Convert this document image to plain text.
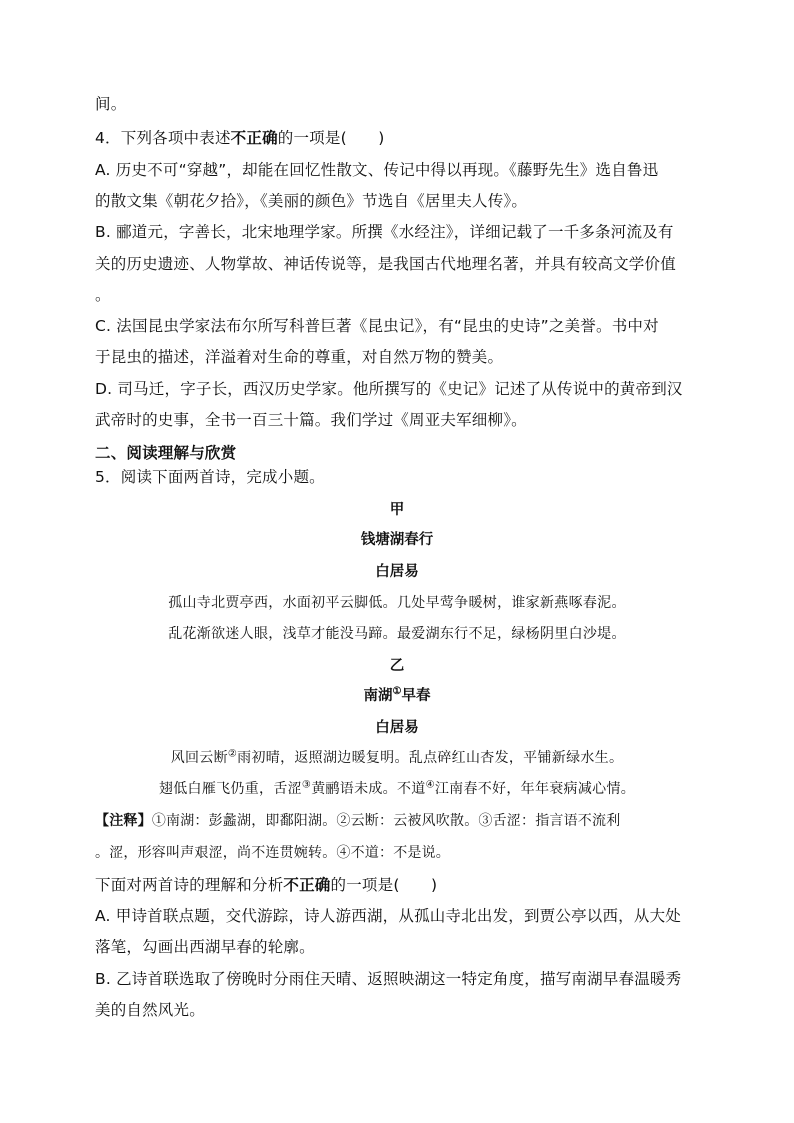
间。
4．下列各项中表述不正确的一项是(　　)
A. 历史不可“穿越”，却能在回忆性散文、传记中得以再现。《藤野先生》选自鲁迅
的散文集《朝花夕拾》，《美丽的颜色》节选自《居里夫人传》。
B. 郦道元，字善长，北宋地理学家。所撰《水经注》，详细记载了一千多条河流及有
关的历史遗迹、人物掌故、神话传说等，是我国古代地理名著，并具有较高文学价值
。
C. 法国昆虫学家法布尔所写科普巨著《昆虫记》，有“昆虫的史诗”之美誉。书中对
于昆虫的描述，洋溢着对生命的尊重，对自然万物的赞美。
D. 司马迁，字子长，西汉历史学家。他所撰写的《史记》记述了从传说中的黄帝到汉
武帝时的史事，全书一百三十篇。我们学过《周亚夫军细柳》。
二、阅读理解与欣赏
5．阅读下面两首诗，完成小题。
甲
钱塘湖春行
白居易
孤山寺北贾亭西，水面初平云脚低。几处早莺争暖树，谁家新燕啄春泥。
乱花渐欲迷人眼，浅草才能没马蹄。最爱湖东行不足，绿杨阴里白沙堤。
乙
南湖①早春
白居易
风回云断②雨初晴，返照湖边暖复明。乱点碎红山杏发，平铺新绿水生。
翅低白雁飞仍重，舌涩③黄鹂语未成。不道④江南春不好，年年衰病减心情。
【注释】①南湖：彭蠡湖，即鄱阳湖。②云断：云被风吹散。③舌涩：指言语不流利
。涩，形容叫声艰涩，尚不连贯婉转。④不道：不是说。
下面对两首诗的理解和分析不正确的一项是(　　)
A. 甲诗首联点题，交代游踪，诗人游西湖，从孤山寺北出发，到贾公亭以西，从大处
落笔，勾画出西湖早春的轮廓。
B. 乙诗首联选取了傍晚时分雨住天晴、返照映湖这一特定角度，描写南湖早春温暖秀
美的自然风光。
